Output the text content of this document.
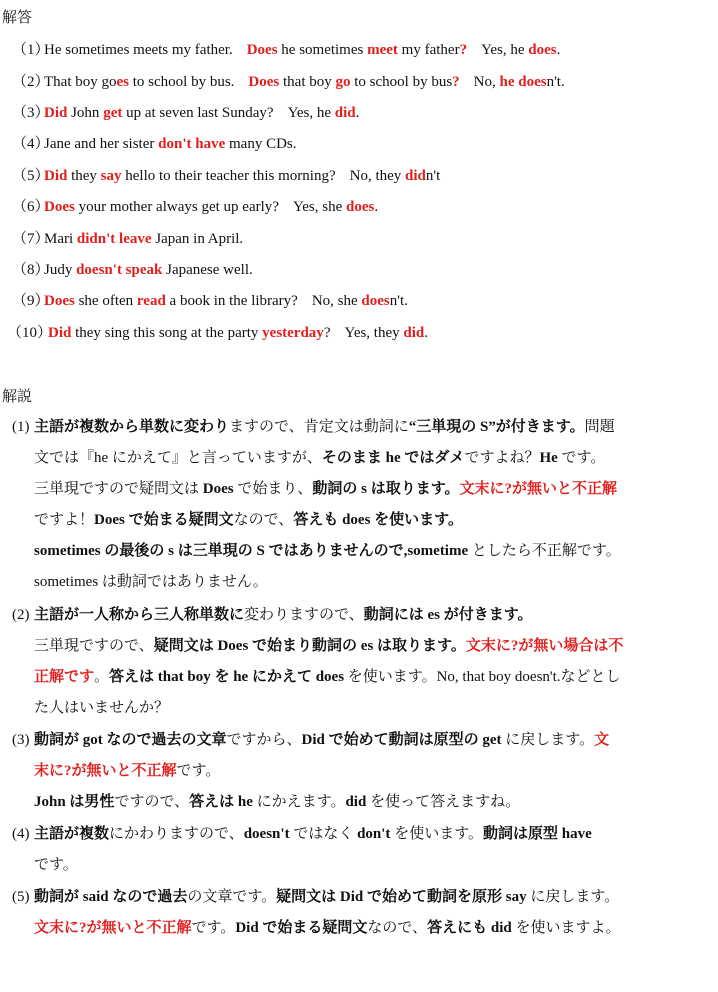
解答
（1）He sometimes meets my father. Does he sometimes meet my father? Yes, he does.
（2）That boy goes to school by bus. Does that boy go to school by bus? No, he doesn't.
（3）Did John get up at seven last Sunday? Yes, he did.
（4）Jane and her sister don't have many CDs.
（5）Did they say hello to their teacher this morning? No, they didn't
（6）Does your mother always get up early? Yes, she does.
（7）Mari didn't leave Japan in April.
（8）Judy doesn't speak Japanese well.
（9）Does she often read a book in the library? No, she doesn't.
（10）Did they sing this song at the party yesterday? Yes, they did.
解説
(1) 主語が複数から単数に変わりますので、肯定文は動詞に“三単現の S”が付きます。問題
文では『he にかえて』と言っていますが、そのまま he ではダメですよね？He です。
三単現ですので疑問文は Does で始まり、動詞の s は取ります。文末に?が無いと不正解
ですよ！Does で始まる疑問文なので、答えも does を使います。
sometimes の最後の s は三単現の S ではありませんので,sometime としたら不正解です。
sometimes は動詞ではありません。
(2) 主語が一人称から三人称単数に変わりますので、動詞には es が付きます。
三単現ですので、疑問文は Does で始まり動詞の es は取ります。文末に?が無い場合は不
正解です。答えは that boy を he にかえて does を使います。No, that boy doesn't.などとし
た人はいませんか？
(3) 動詞が got なので過去の文章ですから、Did で始めて動詞は原型の get に戻します。文
末に?が無いと不正解です。
John は男性ですので、答えは he にかえます。did を使って答えますね。
(4) 主語が複数にかわりますので、doesn't ではなく don't を使います。動詞は原型 have
です。
(5) 動詞が said なので過去の文章です。疑問文は Did で始めて動詞を原形 say に戻します。
文末に?が無いと不正解です。Did で始まる疑問文なので、答えにも did を使いますよ。
